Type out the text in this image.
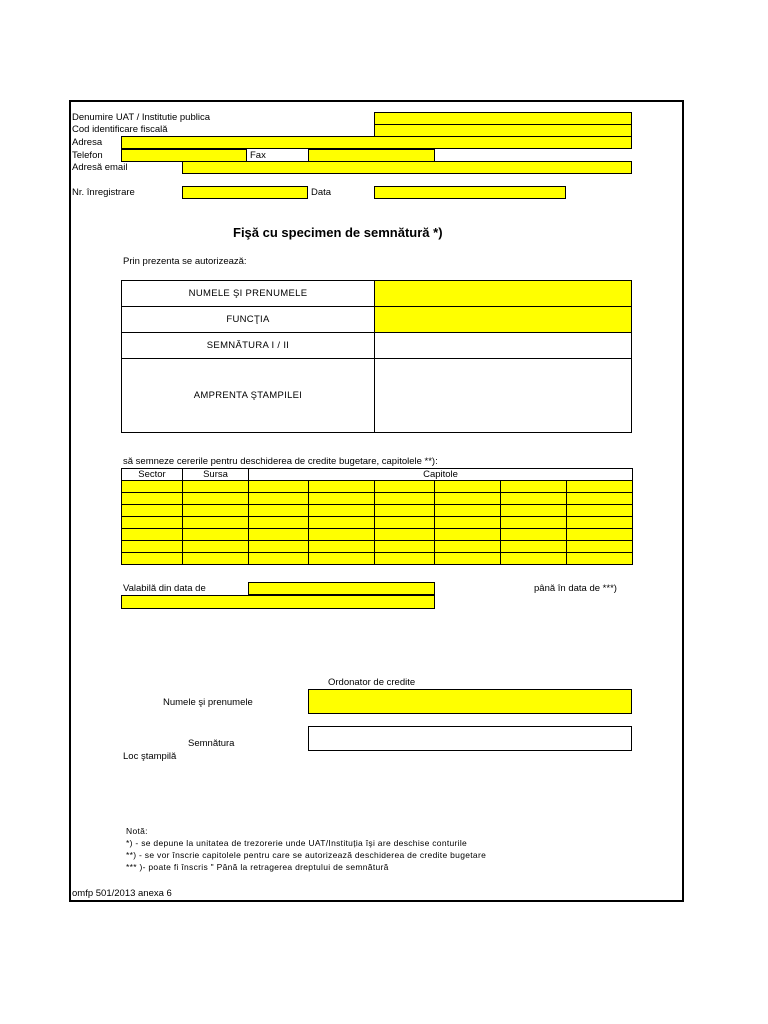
Denumire UAT / Institutie publica
Cod identificare fiscală
Adresa
Telefon	Fax
Adresă email
Nr. înregistrare	Data
Fişă cu specimen de semnătură *)
Prin prezenta se autorizează:
NUMELE ŞI PRENUMELE	
FUNCŢIA	
SEMNĂTURA I / II	
AMPRENTA ŞTAMPILEI	
să semneze cererile pentru deschiderea de credite bugetare, capitolele **):
Sector	Sursa	Capitole					

Valabilă din data de	până în data de ***)
Ordonator de credite
Numele şi prenumele
Semnătura
Loc ştampilă
Notă:
*) - se depune la unitatea de trezorerie unde UAT/Instituția îşi are deschise conturile
**) - se vor înscrie capitolele pentru care se autorizează deschiderea de credite bugetare
*** )- poate fi înscris " Până la retragerea dreptului de semnătură
omfp 501/2013 anexa 6
